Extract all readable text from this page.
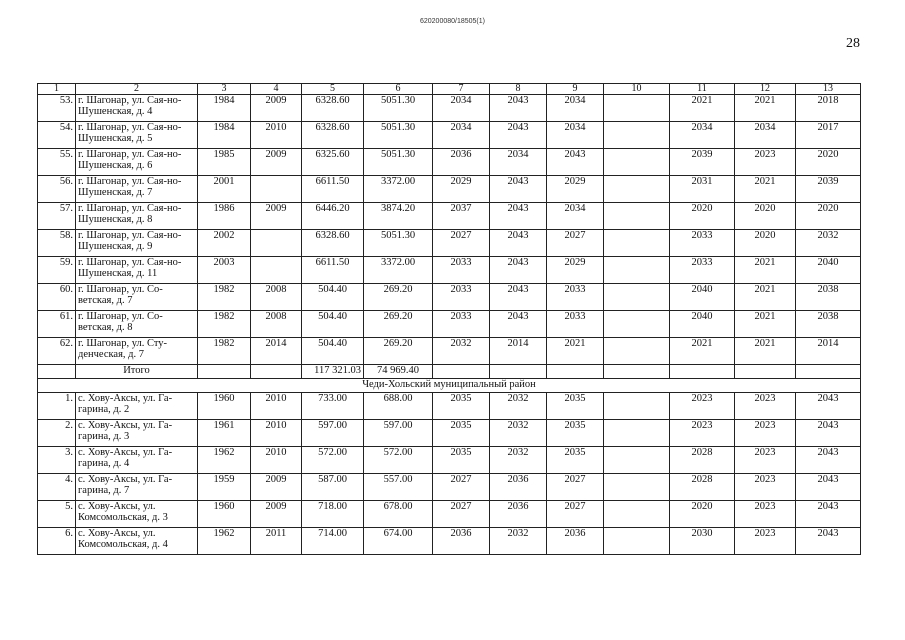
620200080/18505(1)
28
1	2	3	4	5	6	7	8	9	10	11	12	13
53.	г. Шагонар, ул. Сая-но-Шушенская, д. 4	1984	2009	6328.60	5051.30	2034	2043	2034		2021	2021	2018
54.	г. Шагонар, ул. Сая-но-Шушенская, д. 5	1984	2010	6328.60	5051.30	2034	2043	2034		2034	2034	2017
55.	г. Шагонар, ул. Сая-но-Шушенская, д. 6	1985	2009	6325.60	5051.30	2036	2034	2043		2039	2023	2020
56.	г. Шагонар, ул. Сая-но-Шушенская, д. 7	2001		6611.50	3372.00	2029	2043	2029		2031	2021	2039
57.	г. Шагонар, ул. Сая-но-Шушенская, д. 8	1986	2009	6446.20	3874.20	2037	2043	2034		2020	2020	2020
58.	г. Шагонар, ул. Сая-но-Шушенская, д. 9	2002		6328.60	5051.30	2027	2043	2027		2033	2020	2032
59.	г. Шагонар, ул. Сая-но-Шушенская, д. 11	2003		6611.50	3372.00	2033	2043	2029		2033	2021	2040
60.	г. Шагонар, ул. Со-ветская, д. 7	1982	2008	504.40	269.20	2033	2043	2033		2040	2021	2038
61.	г. Шагонар, ул. Со-ветская, д. 8	1982	2008	504.40	269.20	2033	2043	2033		2040	2021	2038
62.	г. Шагонар, ул. Сту-денческая, д. 7	1982	2014	504.40	269.20	2032	2014	2021		2021	2021	2014
	Итого			117 321.03	74 969.40							
Чеди-Хольский муниципальный район												
1.	с. Хову-Аксы, ул. Га-гарина, д. 2	1960	2010	733.00	688.00	2035	2032	2035		2023	2023	2043
2.	с. Хову-Аксы, ул. Га-гарина, д. 3	1961	2010	597.00	597.00	2035	2032	2035		2023	2023	2043
3.	с. Хову-Аксы, ул. Га-гарина, д. 4	1962	2010	572.00	572.00	2035	2032	2035		2028	2023	2043
4.	с. Хову-Аксы, ул. Га-гарина, д. 7	1959	2009	587.00	557.00	2027	2036	2027		2028	2023	2043
5.	с. Хову-Аксы, ул. Комсомольская, д. 3	1960	2009	718.00	678.00	2027	2036	2027		2020	2023	2043
6.	с. Хову-Аксы, ул. Комсомольская, д. 4	1962	2011	714.00	674.00	2036	2032	2036		2030	2023	2043
